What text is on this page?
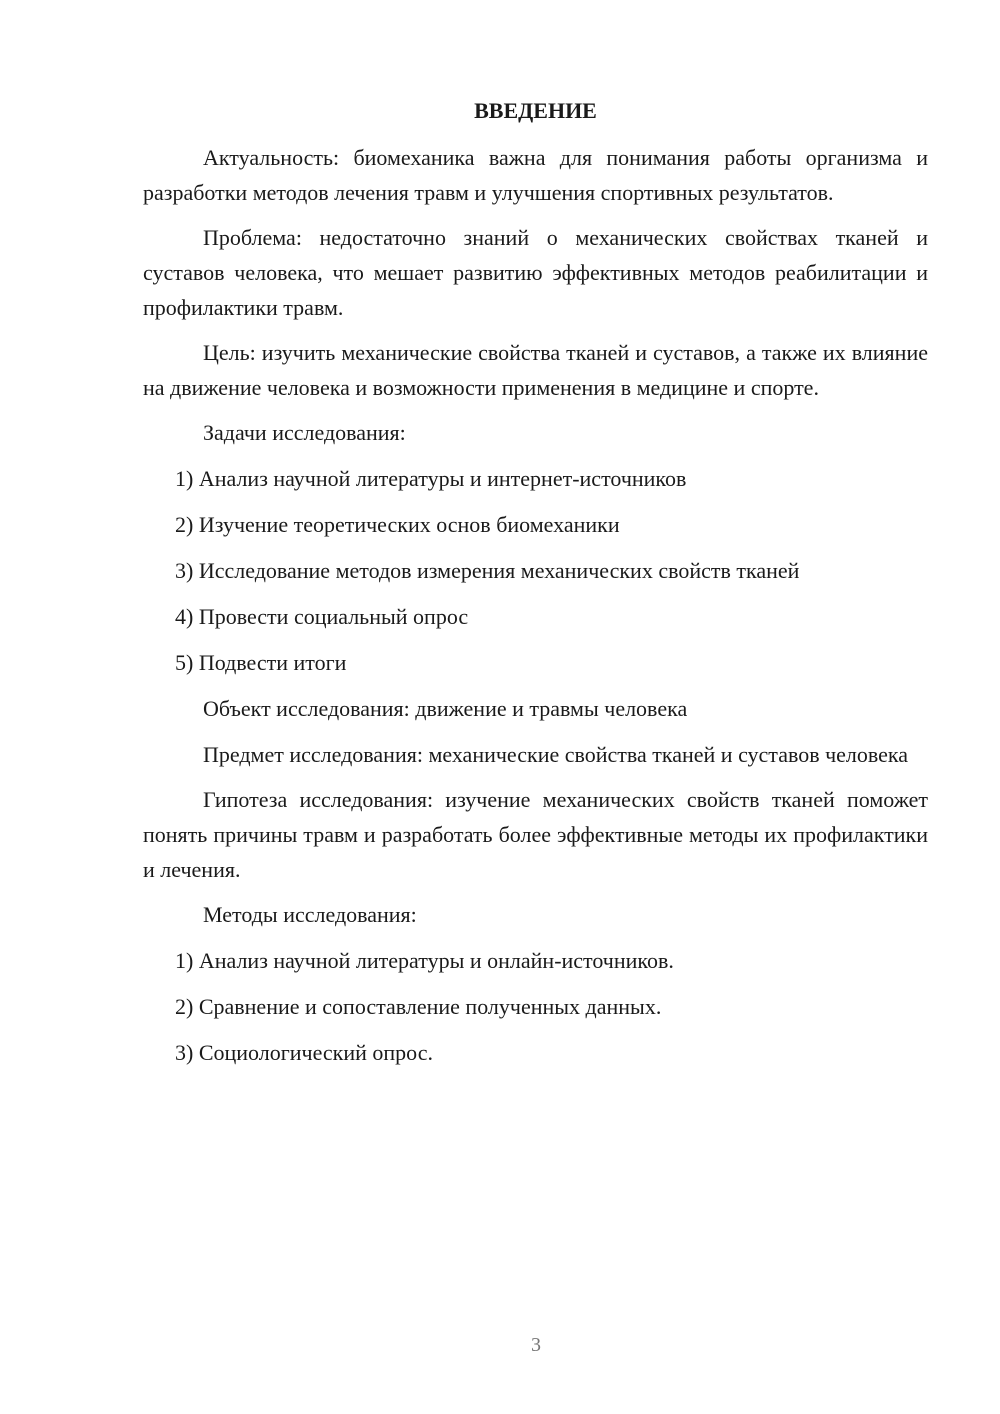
ВВЕДЕНИЕ

Актуальность: биомеханика важна для понимания работы организма и разработки методов лечения травм и улучшения спортивных результатов.

Проблема: недостаточно знаний о механических свойствах тканей и суставов человека, что мешает развитию эффективных методов реабилитации и профилактики травм.

Цель: изучить механические свойства тканей и суставов, а также их влияние на движение человека и возможности применения в медицине и спорте.

Задачи исследования:
1) Анализ научной литературы и интернет-источников
2) Изучение теоретических основ биомеханики
3) Исследование методов измерения механических свойств тканей
4) Провести социальный опрос
5) Подвести итоги
Объект исследования: движение и травмы человека

Предмет исследования: механические свойства тканей и суставов человека

Гипотеза исследования: изучение механических свойств тканей поможет понять причины травм и разработать более эффективные методы их профилактики и лечения.

Методы исследования:
1) Анализ научной литературы и онлайн-источников.
2) Сравнение и сопоставление полученных данных.
3) Социологический опрос.
3
